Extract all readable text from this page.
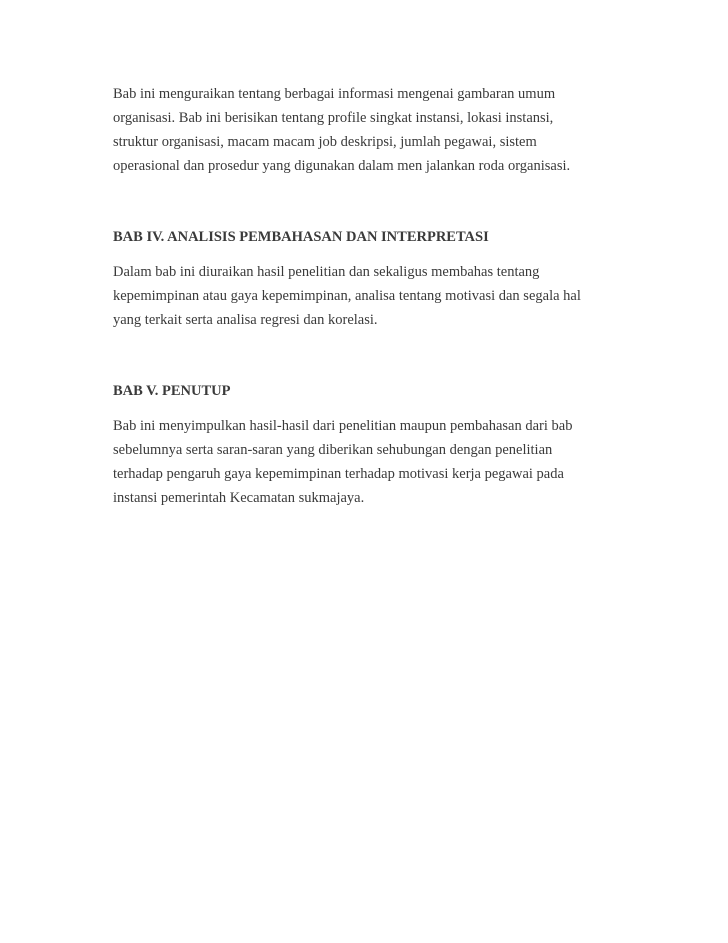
Bab ini menguraikan tentang berbagai informasi mengenai gambaran umum
organisasi. Bab ini berisikan tentang profile singkat instansi, lokasi instansi,
struktur organisasi, macam macam job deskripsi, jumlah pegawai, sistem
operasional dan prosedur yang digunakan dalam men jalankan roda organisasi.

BAB IV. ANALISIS PEMBAHASAN DAN INTERPRETASI

Dalam bab ini diuraikan hasil penelitian dan sekaligus membahas tentang
kepemimpinan atau gaya kepemimpinan, analisa tentang motivasi dan segala hal
yang terkait serta analisa regresi dan korelasi.

BAB V. PENUTUP

Bab ini menyimpulkan hasil-hasil dari penelitian maupun pembahasan dari bab
sebelumnya serta saran-saran yang diberikan sehubungan dengan penelitian
terhadap pengaruh gaya kepemimpinan terhadap motivasi kerja pegawai pada
instansi pemerintah Kecamatan sukmajaya.
